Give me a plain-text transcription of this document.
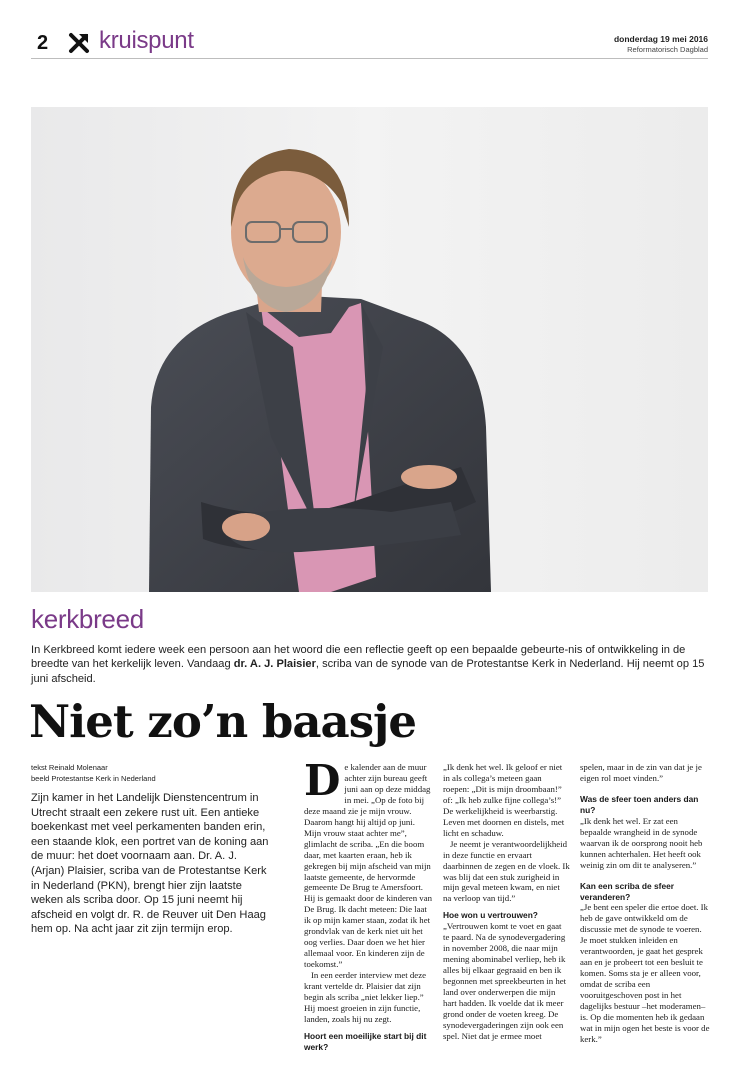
2 kruispunt	donderdag 19 mei 2016
Reformatorisch Dagblad
kerkbreed
In Kerkbreed komt iedere week een persoon aan het woord die een reflectie geeft op een bepaalde gebeurte-nis of ontwikkeling in de breedte van het kerkelijk leven. Vandaag dr. A. J. Plaisier, scriba van de synode van de Protestantse Kerk in Nederland. Hij neemt op 15 juni afscheid.
Niet zo’n baasje
tekst Reinald Molenaar
beeld Protestantse Kerk in Nederland
Zijn kamer in het Landelijk Dienstencentrum in Utrecht straalt een zekere rust uit. Een antieke boekenkast met veel perkamenten banden erin, een staande klok, een portret van de koning aan de muur: het doet voornaam aan. Dr. A. J. (Arjan) Plaisier, scriba van de Protestantse Kerk in Nederland (PKN), brengt hier zijn laatste weken als scriba door. Op 15 juni neemt hij afscheid en volgt dr. R. de Reuver uit Den Haag hem op. Na acht jaar zit zijn termijn erop.

De kalender aan de muur achter zijn bureau geeft juni aan op deze middag in mei. „Op de foto bij deze maand zie je mijn vrouw. Daarom hangt hij altijd op juni. Mijn vrouw staat achter me”, glimlacht de scriba. „En die boom daar, met kaarten eraan, heb ik gekregen bij mijn afscheid van mijn laatste gemeente, de hervormde gemeente De Brug te Amersfoort. Hij is gemaakt door de kinderen van De Brug. Ik dacht meteen: Die laat ik op mijn kamer staan, zodat ik het grondvlak van de kerk niet uit het oog verlies. Daar doen we het hier allemaal voor. En kinderen zijn de toekomst.”

In een eerder interview met deze krant vertelde dr. Plaisier dat zijn begin als scriba „niet lekker liep.” Hij moest groeien in zijn functie, landen, zoals hij nu zegt.

Hoort een moeilijke start bij dit werk?

„Ik denk het wel. Ik geloof er niet in als collega’s meteen gaan roepen: „Dit is mijn droombaan!” of: „Ik heb zulke fijne collega’s!” De werkelijkheid is weerbarstig. Leven met doornen en distels, met licht en schaduw.

Je neemt je verantwoordelijkheid in deze functie en ervaart daarbinnen de zegen en de vloek. Ik was blij dat een stuk zurigheid in mijn geval meteen kwam, en niet na verloop van tijd.”

Hoe won u vertrouwen?

„Vertrouwen komt te voet en gaat te paard. Na de synodevergadering in november 2008, die naar mijn mening abominabel verliep, heb ik alles bij elkaar gegraaid en ben ik begonnen met spreekbeurten in het land over onderwerpen die mijn hart hadden. Ik voelde dat ik meer grond onder de voeten kreeg. De synodevergaderingen zijn ook een spel. Niet dat je ermee moet

spelen, maar in de zin van dat je je eigen rol moet vinden.”

Was de sfeer toen anders dan nu?

„Ik denk het wel. Er zat een bepaalde wrangheid in de synode waarvan ik de oorsprong nooit heb kunnen achterhalen. Het heeft ook weinig zin om dit te analyseren.”

Kan een scriba de sfeer veranderen?

„Je bent een speler die ertoe doet. Ik heb de gave ontwikkeld om de discussie met de synode te voeren. Je moet stukken inleiden en verantwoorden, je gaat het gesprek aan en je probeert tot een besluit te komen. Soms sta je er alleen voor, omdat de scriba een vooruitgeschoven post in het dagelijks bestuur –het moderamen– is. Op die momenten heb ik gedaan wat in mijn ogen het beste is voor de kerk.”
